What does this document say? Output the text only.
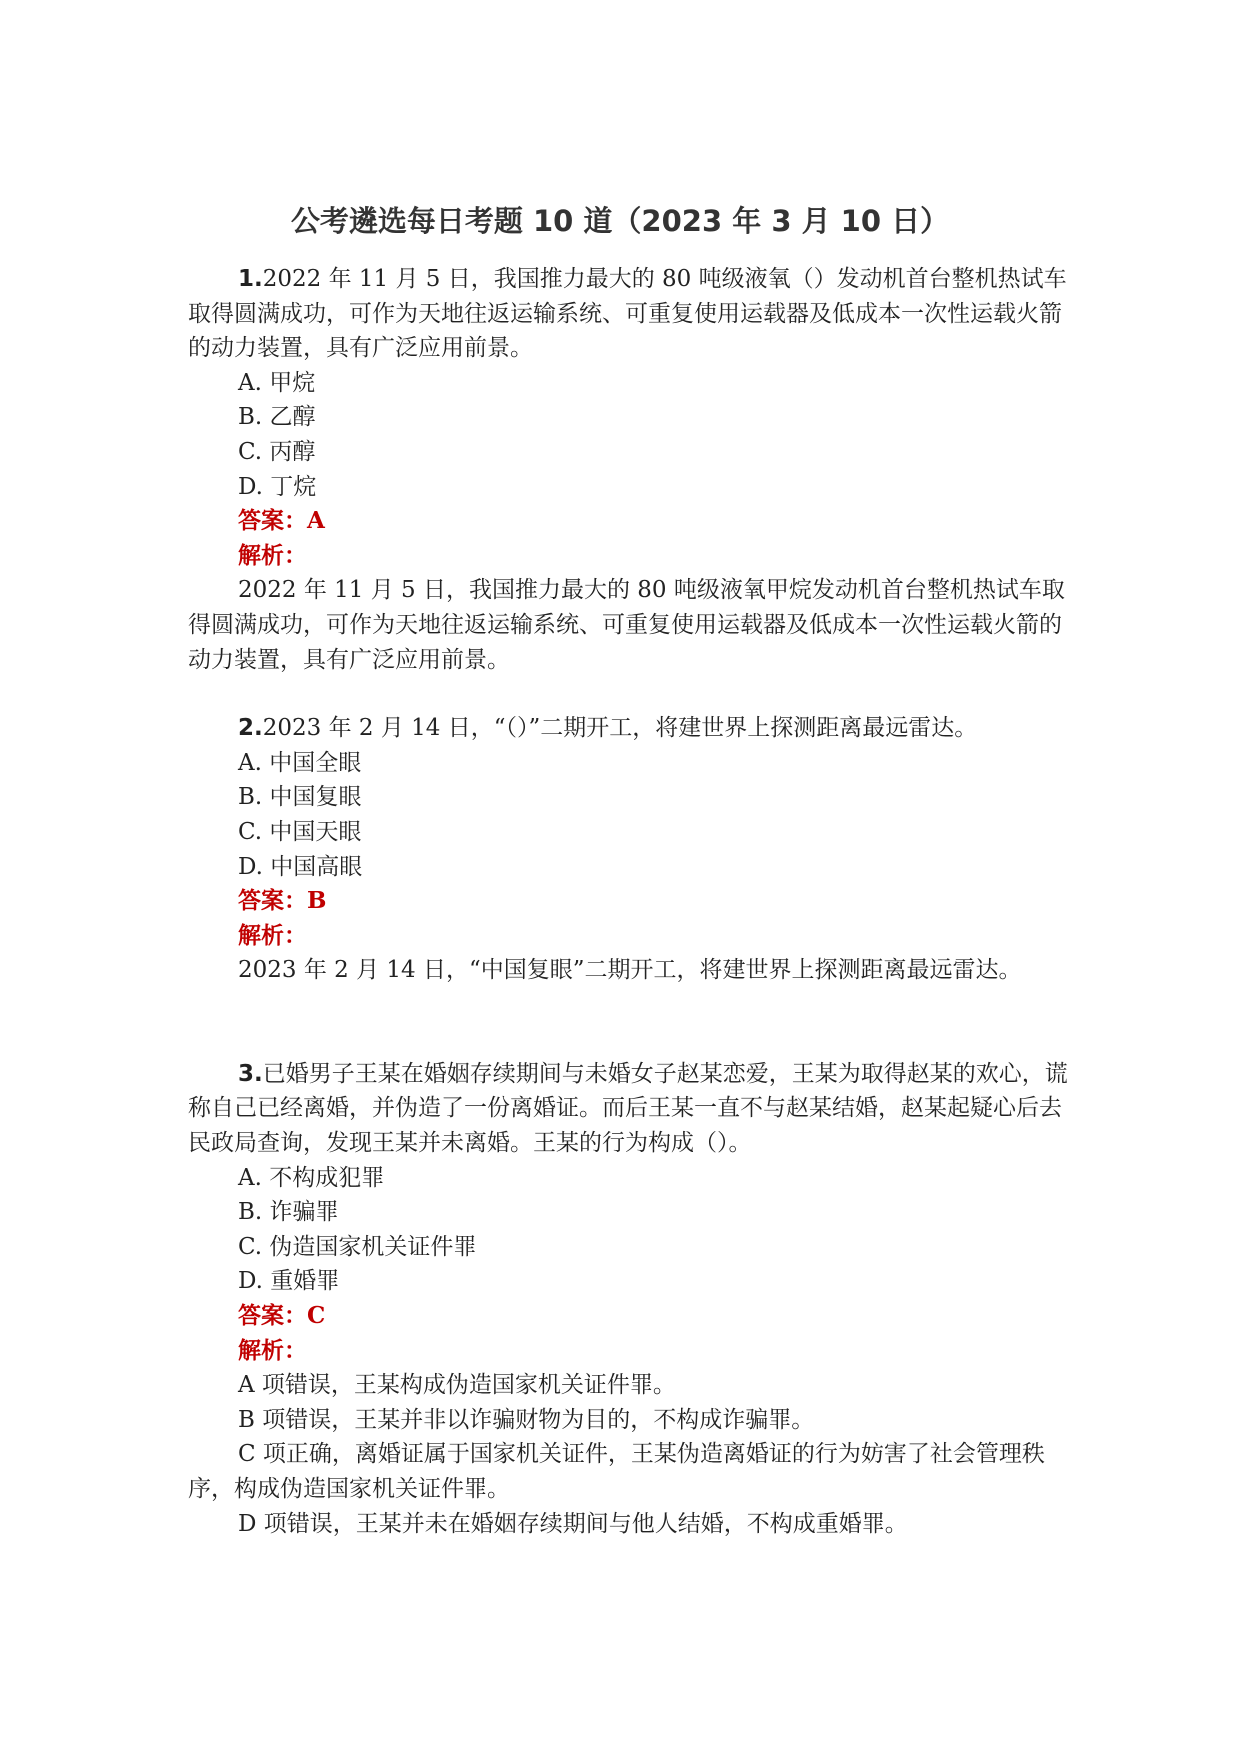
公考遴选每日考题 10 道（2023 年 3 月 10 日）

1.2022 年 11 月 5 日，我国推力最大的 80 吨级液氧（）发动机首台整机热试车取得圆满成功，可作为天地往返运输系统、可重复使用运载器及低成本一次性运载火箭的动力装置，具有广泛应用前景。

A. 甲烷

B. 乙醇

C. 丙醇

D. 丁烷

答案：A

解析：

2022 年 11 月 5 日，我国推力最大的 80 吨级液氧甲烷发动机首台整机热试车取得圆满成功，可作为天地往返运输系统、可重复使用运载器及低成本一次性运载火箭的动力装置，具有广泛应用前景。

2.2023 年 2 月 14 日，“（）”二期开工，将建世界上探测距离最远雷达。

A. 中国全眼

B. 中国复眼

C. 中国天眼

D. 中国高眼

答案：B

解析：

2023 年 2 月 14 日，“中国复眼”二期开工，将建世界上探测距离最远雷达。

3.已婚男子王某在婚姻存续期间与未婚女子赵某恋爱，王某为取得赵某的欢心，谎称自己已经离婚，并伪造了一份离婚证。而后王某一直不与赵某结婚，赵某起疑心后去民政局查询，发现王某并未离婚。王某的行为构成（）。

A. 不构成犯罪

B. 诈骗罪

C. 伪造国家机关证件罪

D. 重婚罪

答案：C

解析：

A 项错误，王某构成伪造国家机关证件罪。

B 项错误，王某并非以诈骗财物为目的，不构成诈骗罪。

C 项正确，离婚证属于国家机关证件，王某伪造离婚证的行为妨害了社会管理秩序，构成伪造国家机关证件罪。

D 项错误，王某并未在婚姻存续期间与他人结婚，不构成重婚罪。
